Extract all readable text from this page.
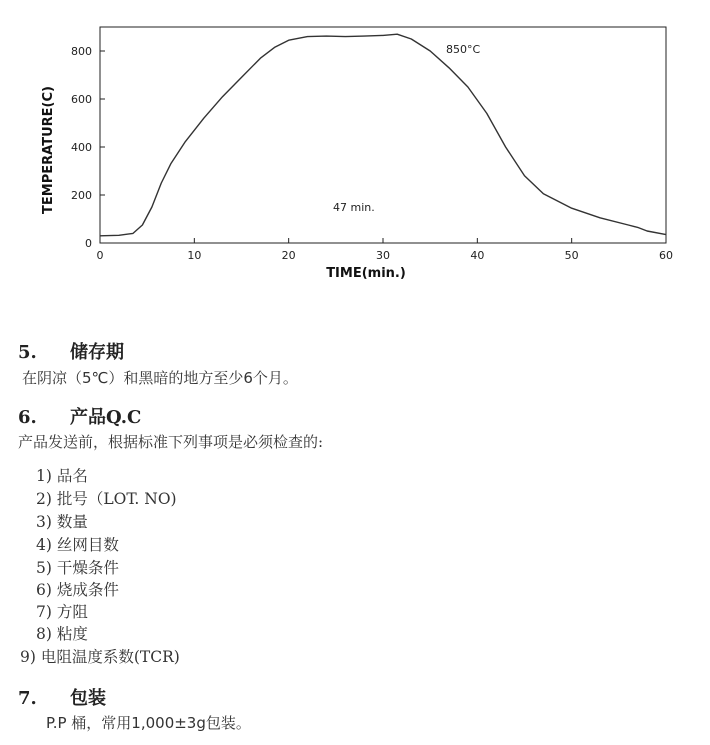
0	10	20	30	40	50	60
0
200
400
600
800
TIME(min.)
TEMPERATURE(C)
850°C
47 min.
5. 储存期
在阴凉（5℃）和黑暗的地方至少6个月。
6. 产品Q.C
产品发送前，根据标准下列事项是必须检查的:
1) 品名
2) 批号（LOT. NO)
3) 数量
4) 丝网目数
5) 干燥条件
6) 烧成条件
7) 方阻
8) 粘度
9) 电阻温度系数(TCR)
7. 包装
P.P 桶，常用1,000±3g包装。
